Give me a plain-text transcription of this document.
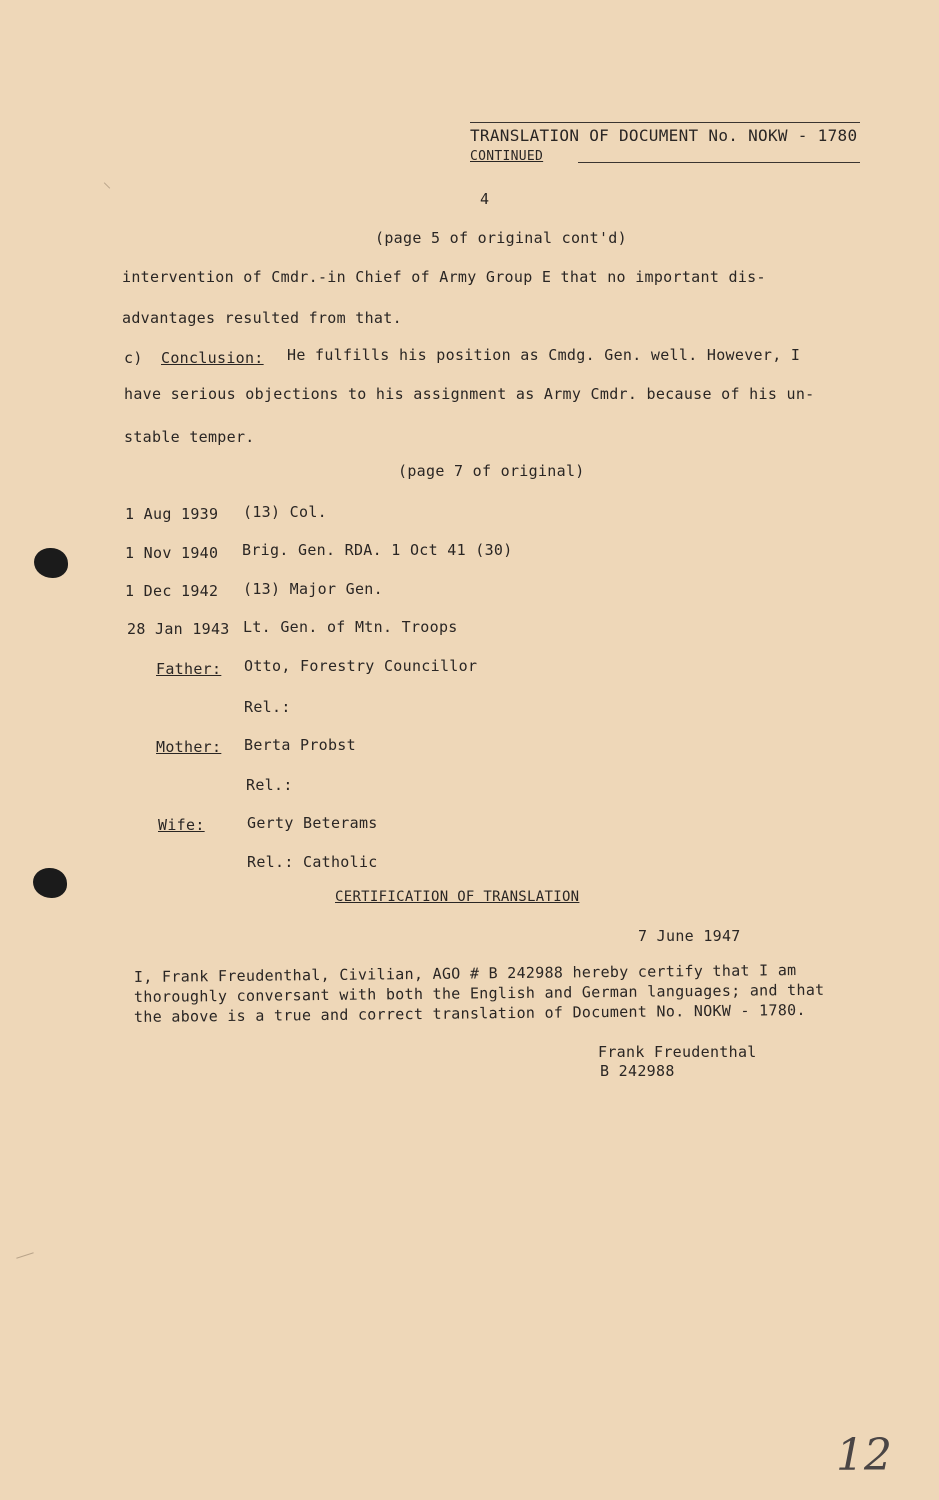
TRANSLATION OF DOCUMENT No. NOKW - 1780
CONTINUED
4
(page 5 of original cont'd)
intervention of Cmdr.-in Chief of Army Group E that no important dis-
advantages resulted from that.
c) Conclusion: He fulfills his position as Cmdg. Gen. well. However, I
have serious objections to his assignment as Army Cmdr. because of his un-
stable temper.
(page 7 of original)
1 Aug 1939 (13) Col.
1 Nov 1940 Brig. Gen. RDA. 1 Oct 41 (30)
1 Dec 1942 (13) Major Gen.
28 Jan 1943 Lt. Gen. of Mtn. Troops
Father: Otto, Forestry Councillor
Rel.:
Mother: Berta Probst
Rel.:
Wife:	Gerty Beterams
Rel.: Catholic
CERTIFICATION OF TRANSLATION
7 June 1947
I, Frank Freudenthal, Civilian, AGO # B 242988 hereby certify that I am
thoroughly conversant with both the English and German languages; and that
the above is a true and correct translation of Document No. NOKW - 1780.
Frank Freudenthal
B 242988
12
